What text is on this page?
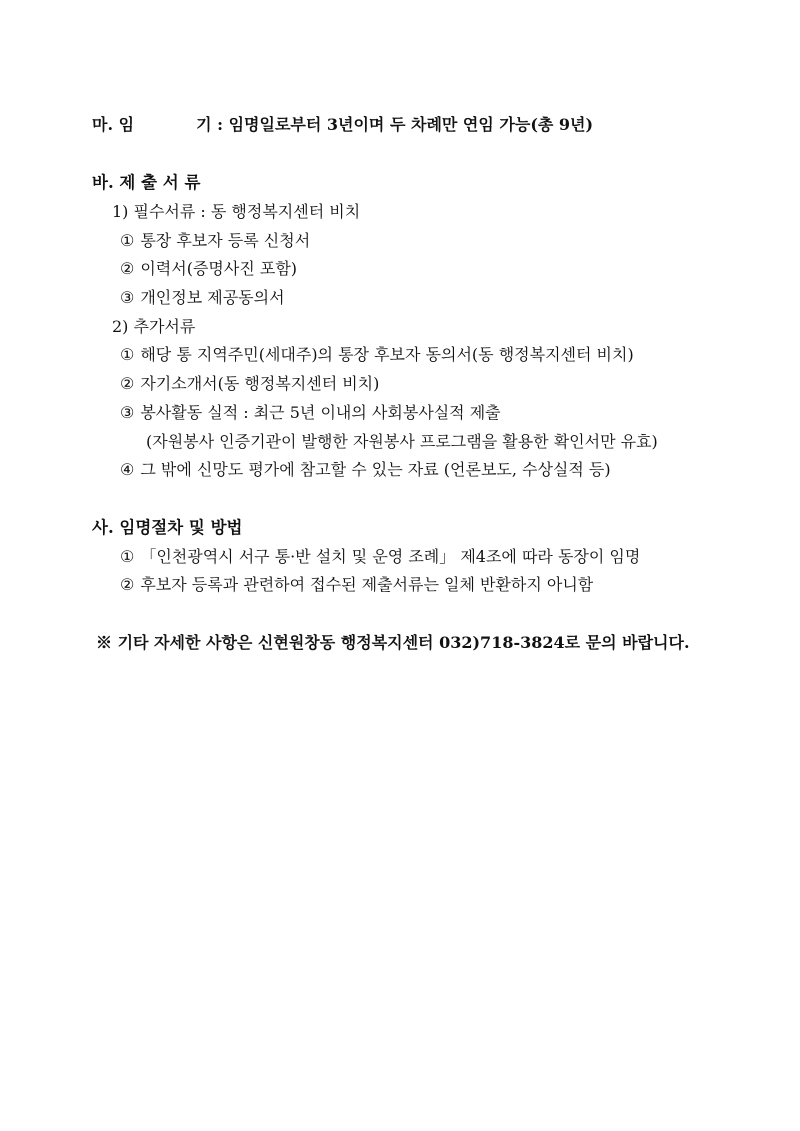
마. 임	기 : 임명일로부터 3년이며 두 차례만 연임 가능(총 9년)
바. 제 출 서 류
1) 필수서류 : 동 행정복지센터 비치
① 통장 후보자 등록 신청서
② 이력서(증명사진 포함)
③ 개인정보 제공동의서
2) 추가서류
① 해당 통 지역주민(세대주)의 통장 후보자 동의서(동 행정복지센터 비치)
② 자기소개서(동 행정복지센터 비치)
③ 봉사활동 실적 : 최근 5년 이내의 사회봉사실적 제출
(자원봉사 인증기관이 발행한 자원봉사 프로그램을 활용한 확인서만 유효)
④ 그 밖에 신망도 평가에 참고할 수 있는 자료 (언론보도, 수상실적 등)
사. 임명절차 및 방법
① 「인천광역시 서구 통·반 설치 및 운영 조례」 제4조에 따라 동장이 임명
② 후보자 등록과 관련하여 접수된 제출서류는 일체 반환하지 아니함
※ 기타 자세한 사항은 신현원창동 행정복지센터 032)718-3824로 문의 바랍니다.
